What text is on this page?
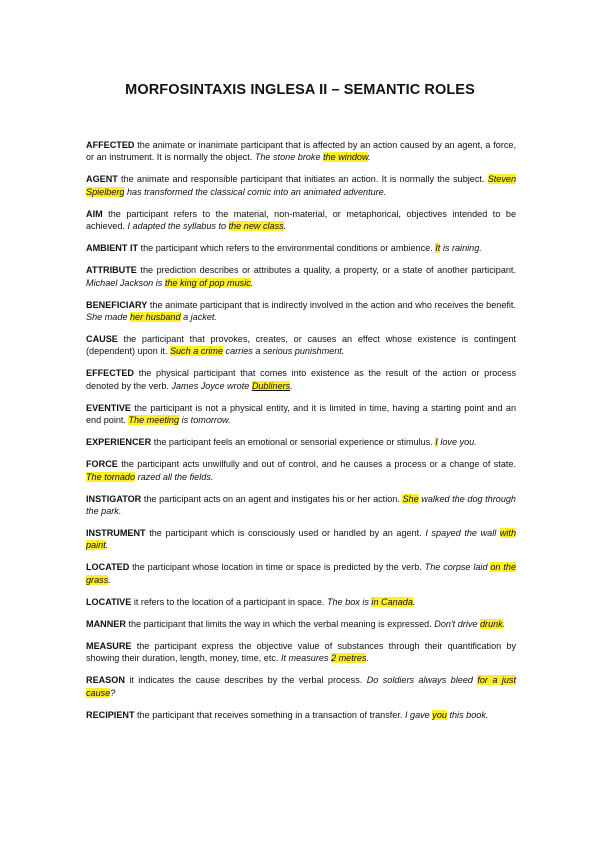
MORFOSINTAXIS INGLESA II – SEMANTIC ROLES

AFFECTED the animate or inanimate participant that is affected by an action caused by an agent, a force, or an instrument. It is normally the object. The stone broke the window.

AGENT the animate and responsible participant that initiates an action. It is normally the subject. Steven Spielberg has transformed the classical comic into an animated adventure.

AIM the participant refers to the material, non-material, or metaphorical, objectives intended to be achieved. I adapted the syllabus to the new class.

AMBIENT IT the participant which refers to the environmental conditions or ambience. It is raining.

ATTRIBUTE the prediction describes or attributes a quality, a property, or a state of another participant. Michael Jackson is the king of pop music.

BENEFICIARY the animate participant that is indirectly involved in the action and who receives the benefit. She made her husband a jacket.

CAUSE the participant that provokes, creates, or causes an effect whose existence is contingent (dependent) upon it. Such a crime carries a serious punishment.

EFFECTED the physical participant that comes into existence as the result of the action or process denoted by the verb. James Joyce wrote Dubliners.

EVENTIVE the participant is not a physical entity, and it is limited in time, having a starting point and an end point. The meeting is tomorrow.

EXPERIENCER the participant feels an emotional or sensorial experience or stimulus. I love you.

FORCE the participant acts unwilfully and out of control, and he causes a process or a change of state. The tornado razed all the fields.

INSTIGATOR the participant acts on an agent and instigates his or her action. She walked the dog through the park.

INSTRUMENT the participant which is consciously used or handled by an agent. I spayed the wall with paint.

LOCATED the participant whose location in time or space is predicted by the verb. The corpse laid on the grass.

LOCATIVE it refers to the location of a participant in space. The box is in Canada.

MANNER the participant that limits the way in which the verbal meaning is expressed. Don't drive drunk.

MEASURE the participant express the objective value of substances through their quantification by showing their duration, length, money, time, etc. It measures 2 metres.

REASON it indicates the cause describes by the verbal process. Do soldiers always bleed for a just cause?

RECIPIENT the participant that receives something in a transaction of transfer. I gave you this book.
